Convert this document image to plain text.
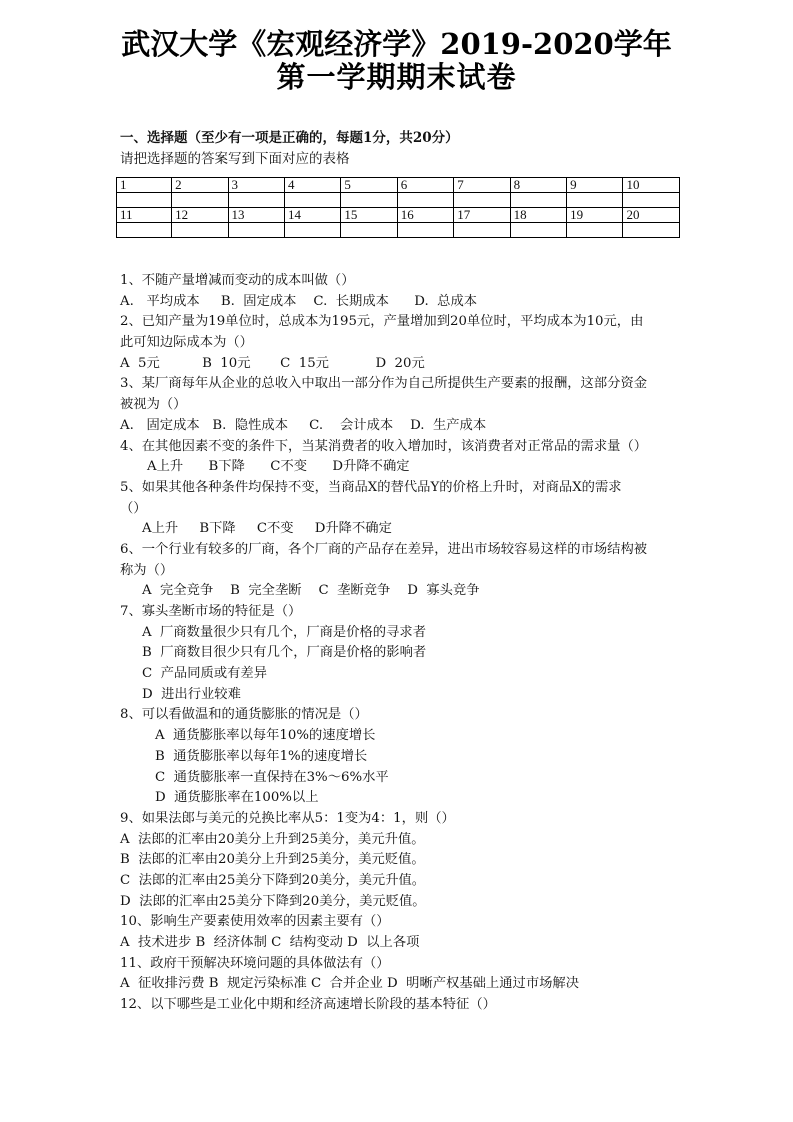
武汉大学《宏观经济学》2019-2020学年
第一学期期末试卷
一、选择题（至少有一项是正确的，每题1分，共20分）
请把选择题的答案写到下面对应的表格
1	2	3	4	5	6	7	8	9	10

11	12	13	14	15	16	17	18	19	20

1、不随产量增减而变动的成本叫做（）
A.   平均成本     B.  固定成本    C.  长期成本      D.  总成本
2、已知产量为19单位时，总成本为195元，产量增加到20单位时，平均成本为10元，由
此可知边际成本为（）
A  5元          B  10元       C  15元           D  20元
3、某厂商每年从企业的总收入中取出一部分作为自己所提供生产要素的报酬，这部分资金
被视为（）
A.   固定成本   B.  隐性成本     C.    会计成本    D.  生产成本
4、在其他因素不变的条件下，当某消费者的收入增加时，该消费者对正常品的需求量（）
A上升      B下降      C不变      D升降不确定
5、如果其他各种条件均保持不变，当商品X的替代品Y的价格上升时，对商品X的需求
（）
A上升     B下降     C不变     D升降不确定
6、一个行业有较多的厂商，各个厂商的产品存在差异，进出市场较容易这样的市场结构被
称为（）
A  完全竞争    B  完全垄断    C  垄断竞争    D  寡头竞争
7、寡头垄断市场的特征是（）
A  厂商数量很少只有几个，厂商是价格的寻求者
B  厂商数目很少只有几个，厂商是价格的影响者
C  产品同质或有差异
D  进出行业较难
8、可以看做温和的通货膨胀的情况是（）
A  通货膨胀率以每年10%的速度增长
B  通货膨胀率以每年1%的速度增长
C  通货膨胀率一直保持在3%～6%水平
D  通货膨胀率在100%以上
9、如果法郎与美元的兑换比率从5：1变为4：1，则（）
A  法郎的汇率由20美分上升到25美分，美元升值。
B  法郎的汇率由20美分上升到25美分，美元贬值。
C  法郎的汇率由25美分下降到20美分，美元升值。
D  法郎的汇率由25美分下降到20美分，美元贬值。
10、影响生产要素使用效率的因素主要有（）
A  技术进步 B  经济体制 C  结构变动 D  以上各项
11、政府干预解决环境问题的具体做法有（）
A  征收排污费 B  规定污染标准 C  合并企业 D  明晰产权基础上通过市场解决
12、以下哪些是工业化中期和经济高速增长阶段的基本特征（）
